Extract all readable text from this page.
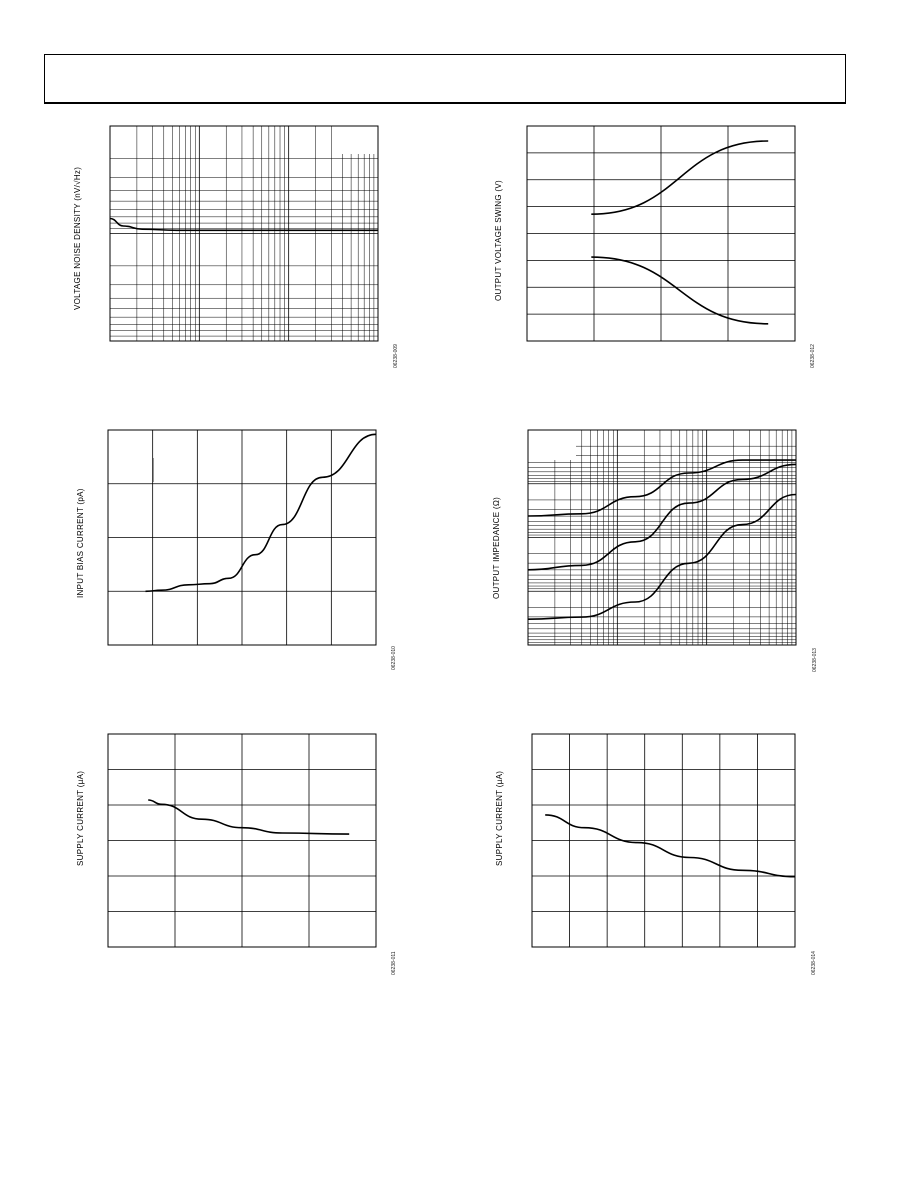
VOLTAGE NOISE DENSITY (nV/√Hz)
06238-009
OUTPUT VOLTAGE SWING (V)
06238-012
INPUT BIAS CURRENT (pA)
06238-010
OUTPUT IMPEDANCE (Ω)
06238-013
SUPPLY CURRENT (µA)
06238-011
SUPPLY CURRENT (µA)
06238-014
